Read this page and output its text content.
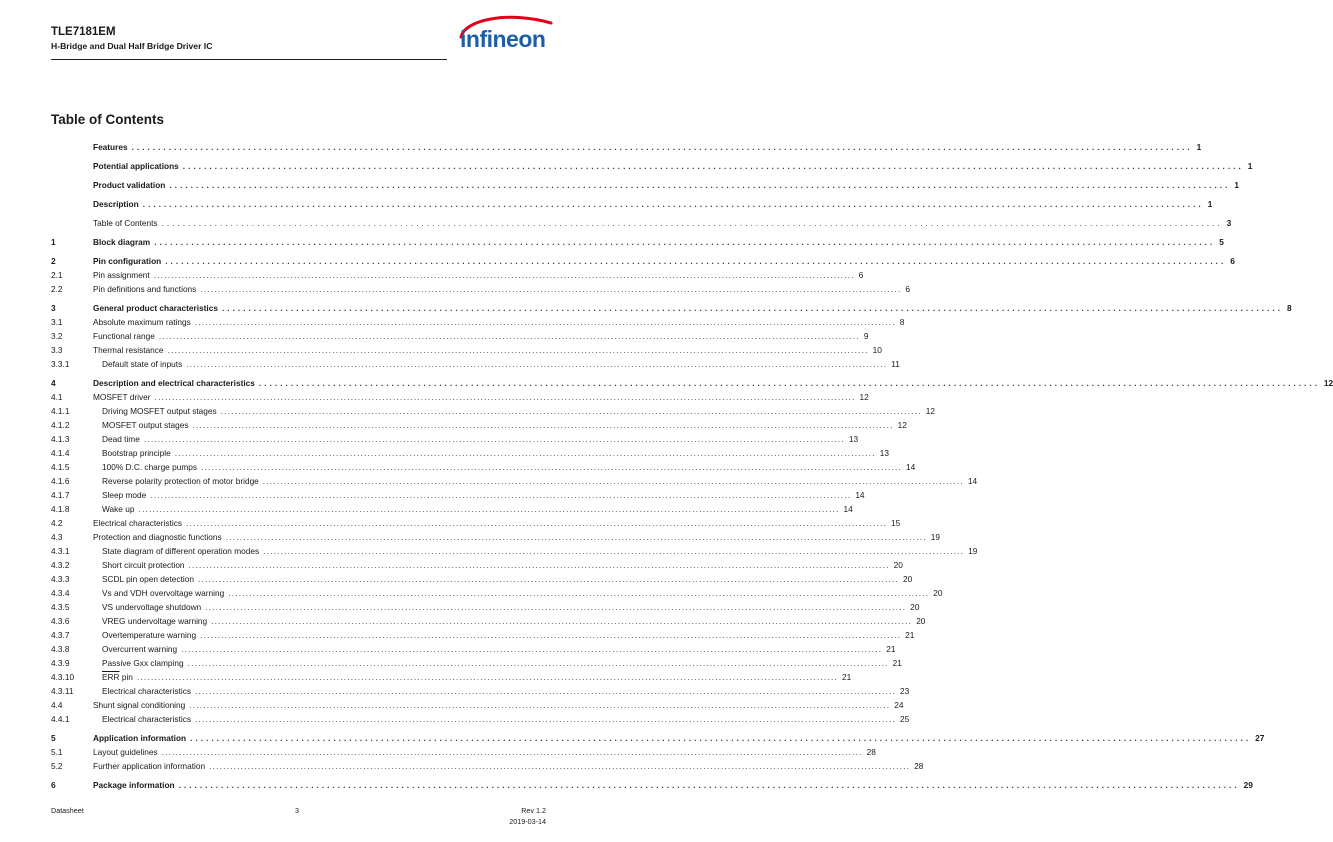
TLE7181EM
H-Bridge and Dual Half Bridge Driver IC	infineon
Table of Contents
Features ........................................................................................................................................................................................................ 1
Potential applications ........................................................................................................................................................................................................ 1
Product validation ........................................................................................................................................................................................................ 1
Description ........................................................................................................................................................................................................ 1
Table of Contents ........................................................................................................................................................................................................ 3
1	Block diagram ........................................................................................................................................................................................................ 5
2	Pin configuration ........................................................................................................................................................................................................ 6
2.1	Pin assignment ........................................................................................................................................................................................................ 6
2.2	Pin definitions and functions ........................................................................................................................................................................................................ 6
3	General product characteristics ........................................................................................................................................................................................................ 8
3.1	Absolute maximum ratings ........................................................................................................................................................................................................ 8
3.2	Functional range ........................................................................................................................................................................................................ 9
3.3	Thermal resistance ........................................................................................................................................................................................................ 10
3.3.1	Default state of inputs ........................................................................................................................................................................................................ 11
4	Description and electrical characteristics ........................................................................................................................................................................................................ 12
4.1	MOSFET driver ........................................................................................................................................................................................................ 12
4.1.1	Driving MOSFET output stages ........................................................................................................................................................................................................ 12
4.1.2	MOSFET output stages ........................................................................................................................................................................................................ 12
4.1.3	Dead time ........................................................................................................................................................................................................ 13
4.1.4	Bootstrap principle ........................................................................................................................................................................................................ 13
4.1.5	100% D.C. charge pumps ........................................................................................................................................................................................................ 14
4.1.6	Reverse polarity protection of motor bridge ........................................................................................................................................................................................................ 14
4.1.7	Sleep mode ........................................................................................................................................................................................................ 14
4.1.8	Wake up ........................................................................................................................................................................................................ 14
4.2	Electrical characteristics ........................................................................................................................................................................................................ 15
4.3	Protection and diagnostic functions ........................................................................................................................................................................................................ 19
4.3.1	State diagram of different operation modes ........................................................................................................................................................................................................ 19
4.3.2	Short circuit protection ........................................................................................................................................................................................................ 20
4.3.3	SCDL pin open detection ........................................................................................................................................................................................................ 20
4.3.4	Vs and VDH overvoltage warning ........................................................................................................................................................................................................ 20
4.3.5	VS undervoltage shutdown ........................................................................................................................................................................................................ 20
4.3.6	VREG undervoltage warning ........................................................................................................................................................................................................ 20
4.3.7	Overtemperature warning ........................................................................................................................................................................................................ 21
4.3.8	Overcurrent warning ........................................................................................................................................................................................................ 21
4.3.9	Passive Gxx clamping ........................................................................................................................................................................................................ 21
4.3.10	$\overline{ERR}$ pin ........................................................................................................................................................................................................ 21
4.3.11	Electrical characteristics ........................................................................................................................................................................................................ 23
4.4	Shunt signal conditioning ........................................................................................................................................................................................................ 24
4.4.1	Electrical characteristics ........................................................................................................................................................................................................ 25
5	Application information ........................................................................................................................................................................................................ 27
5.1	Layout guidelines ........................................................................................................................................................................................................ 28
5.2	Further application information ........................................................................................................................................................................................................ 28
6	Package information ........................................................................................................................................................................................................ 29
Datasheet	3	Rev 1.2
2019-03-14
